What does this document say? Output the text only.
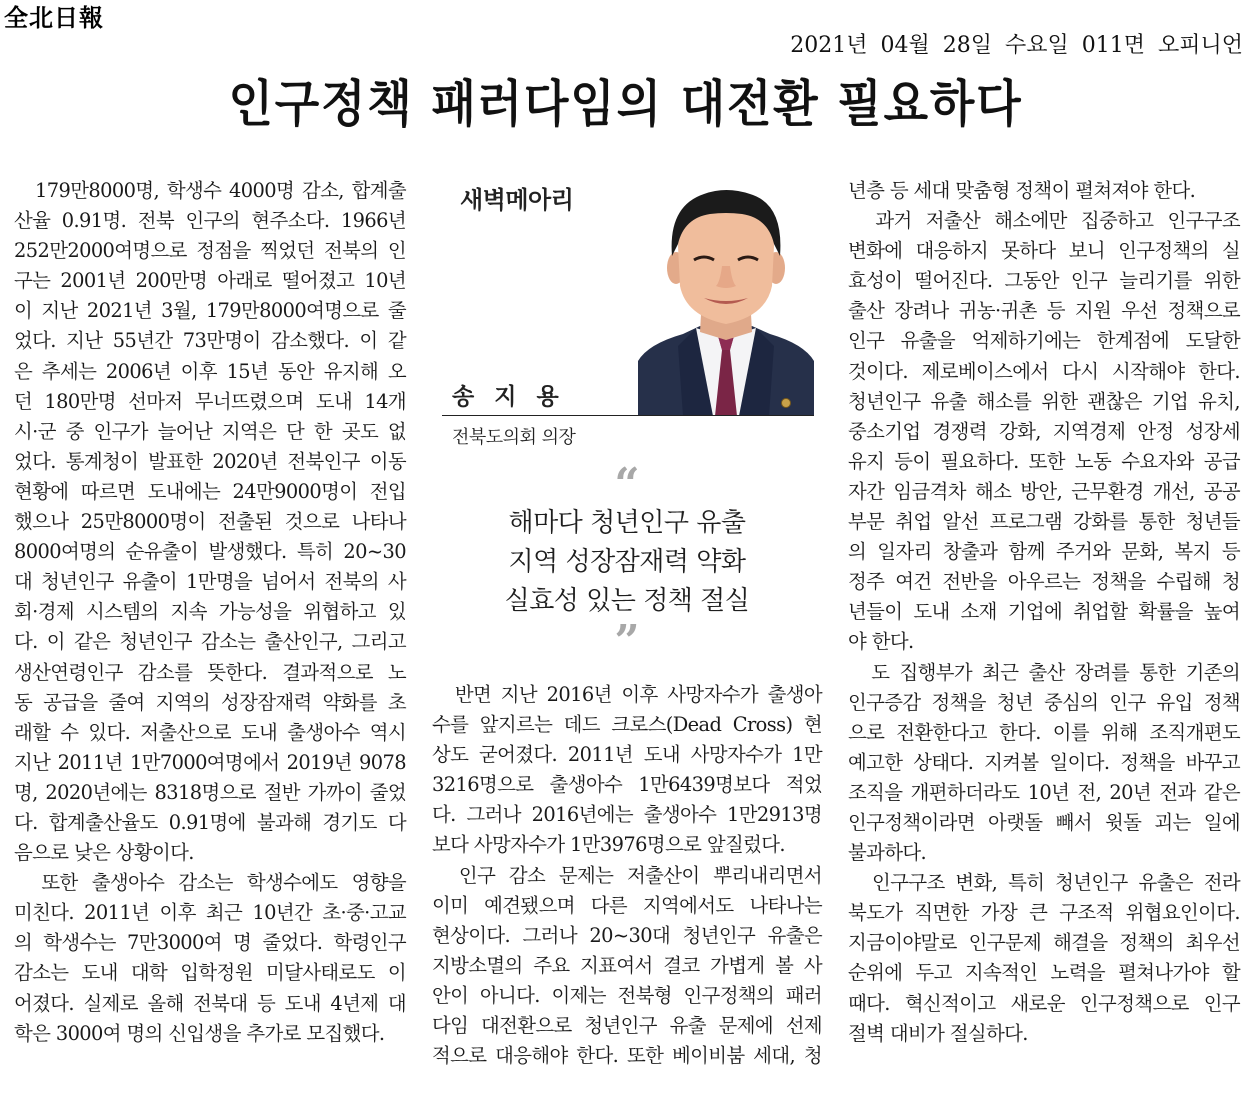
全北日報
2021년 04월 28일 수요일 011면 오피니언
인구정책 패러다임의 대전환 필요하다
　179만8000명, 학생수 4000명 감소, 합계출
산율 0.91명. 전북 인구의 현주소다. 1966년
252만2000여명으로 정점을 찍었던 전북의 인
구는 2001년 200만명 아래로 떨어졌고 10년
이 지난 2021년 3월, 179만8000여명으로 줄
었다. 지난 55년간 73만명이 감소했다. 이 같
은 추세는 2006년 이후 15년 동안 유지해 오
던 180만명 선마저 무너뜨렸으며 도내 14개
시·군 중 인구가 늘어난 지역은 단 한 곳도 없
었다. 통계청이 발표한 2020년 전북인구 이동
현황에 따르면 도내에는 24만9000명이 전입
했으나 25만8000명이 전출된 것으로 나타나
8000여명의 순유출이 발생했다. 특히 20~30
대 청년인구 유출이 1만명을 넘어서 전북의 사
회·경제 시스템의 지속 가능성을 위협하고 있
다. 이 같은 청년인구 감소는 출산인구, 그리고
생산연령인구 감소를 뜻한다. 결과적으로 노
동 공급을 줄여 지역의 성장잠재력 약화를 초
래할 수 있다. 저출산으로 도내 출생아수 역시
지난 2011년 1만7000여명에서 2019년 9078
명, 2020년에는 8318명으로 절반 가까이 줄었
다. 합계출산율도 0.91명에 불과해 경기도 다
음으로 낮은 상황이다.
　또한 출생아수 감소는 학생수에도 영향을
미친다. 2011년 이후 최근 10년간 초·중·고교
의 학생수는 7만3000여 명 줄었다. 학령인구
감소는 도내 대학 입학정원 미달사태로도 이
어졌다. 실제로 올해 전북대 등 도내 4년제 대
학은 3000여 명의 신입생을 추가로 모집했다.
새벽메아리
송 지 용
전북도의회 의장
“
해마다 청년인구 유출
지역 성장잠재력 약화
실효성 있는 정책 절실
”
　반면 지난 2016년 이후 사망자수가 출생아
수를 앞지르는 데드 크로스(Dead Cross) 현
상도 굳어졌다. 2011년 도내 사망자수가 1만
3216명으로 출생아수 1만6439명보다 적었
다. 그러나 2016년에는 출생아수 1만2913명
보다 사망자수가 1만3976명으로 앞질렀다.
　인구 감소 문제는 저출산이 뿌리내리면서
이미 예견됐으며 다른 지역에서도 나타나는
현상이다. 그러나 20~30대 청년인구 유출은
지방소멸의 주요 지표여서 결코 가볍게 볼 사
안이 아니다. 이제는 전북형 인구정책의 패러
다임 대전환으로 청년인구 유출 문제에 선제
적으로 대응해야 한다. 또한 베이비붐 세대, 청
년층 등 세대 맞춤형 정책이 펼쳐져야 한다.
　과거 저출산 해소에만 집중하고 인구구조
변화에 대응하지 못하다 보니 인구정책의 실
효성이 떨어진다. 그동안 인구 늘리기를 위한
출산 장려나 귀농·귀촌 등 지원 우선 정책으로
인구 유출을 억제하기에는 한계점에 도달한
것이다. 제로베이스에서 다시 시작해야 한다.
청년인구 유출 해소를 위한 괜찮은 기업 유치,
중소기업 경쟁력 강화, 지역경제 안정 성장세
유지 등이 필요하다. 또한 노동 수요자와 공급
자간 임금격차 해소 방안, 근무환경 개선, 공공
부문 취업 알선 프로그램 강화를 통한 청년들
의 일자리 창출과 함께 주거와 문화, 복지 등
정주 여건 전반을 아우르는 정책을 수립해 청
년들이 도내 소재 기업에 취업할 확률을 높여
야 한다.
　도 집행부가 최근 출산 장려를 통한 기존의
인구증감 정책을 청년 중심의 인구 유입 정책
으로 전환한다고 한다. 이를 위해 조직개편도
예고한 상태다. 지켜볼 일이다. 정책을 바꾸고
조직을 개편하더라도 10년 전, 20년 전과 같은
인구정책이라면 아랫돌 빼서 윗돌 괴는 일에
불과하다.
　인구구조 변화, 특히 청년인구 유출은 전라
북도가 직면한 가장 큰 구조적 위협요인이다.
지금이야말로 인구문제 해결을 정책의 최우선
순위에 두고 지속적인 노력을 펼쳐나가야 할
때다. 혁신적이고 새로운 인구정책으로 인구
절벽 대비가 절실하다.
